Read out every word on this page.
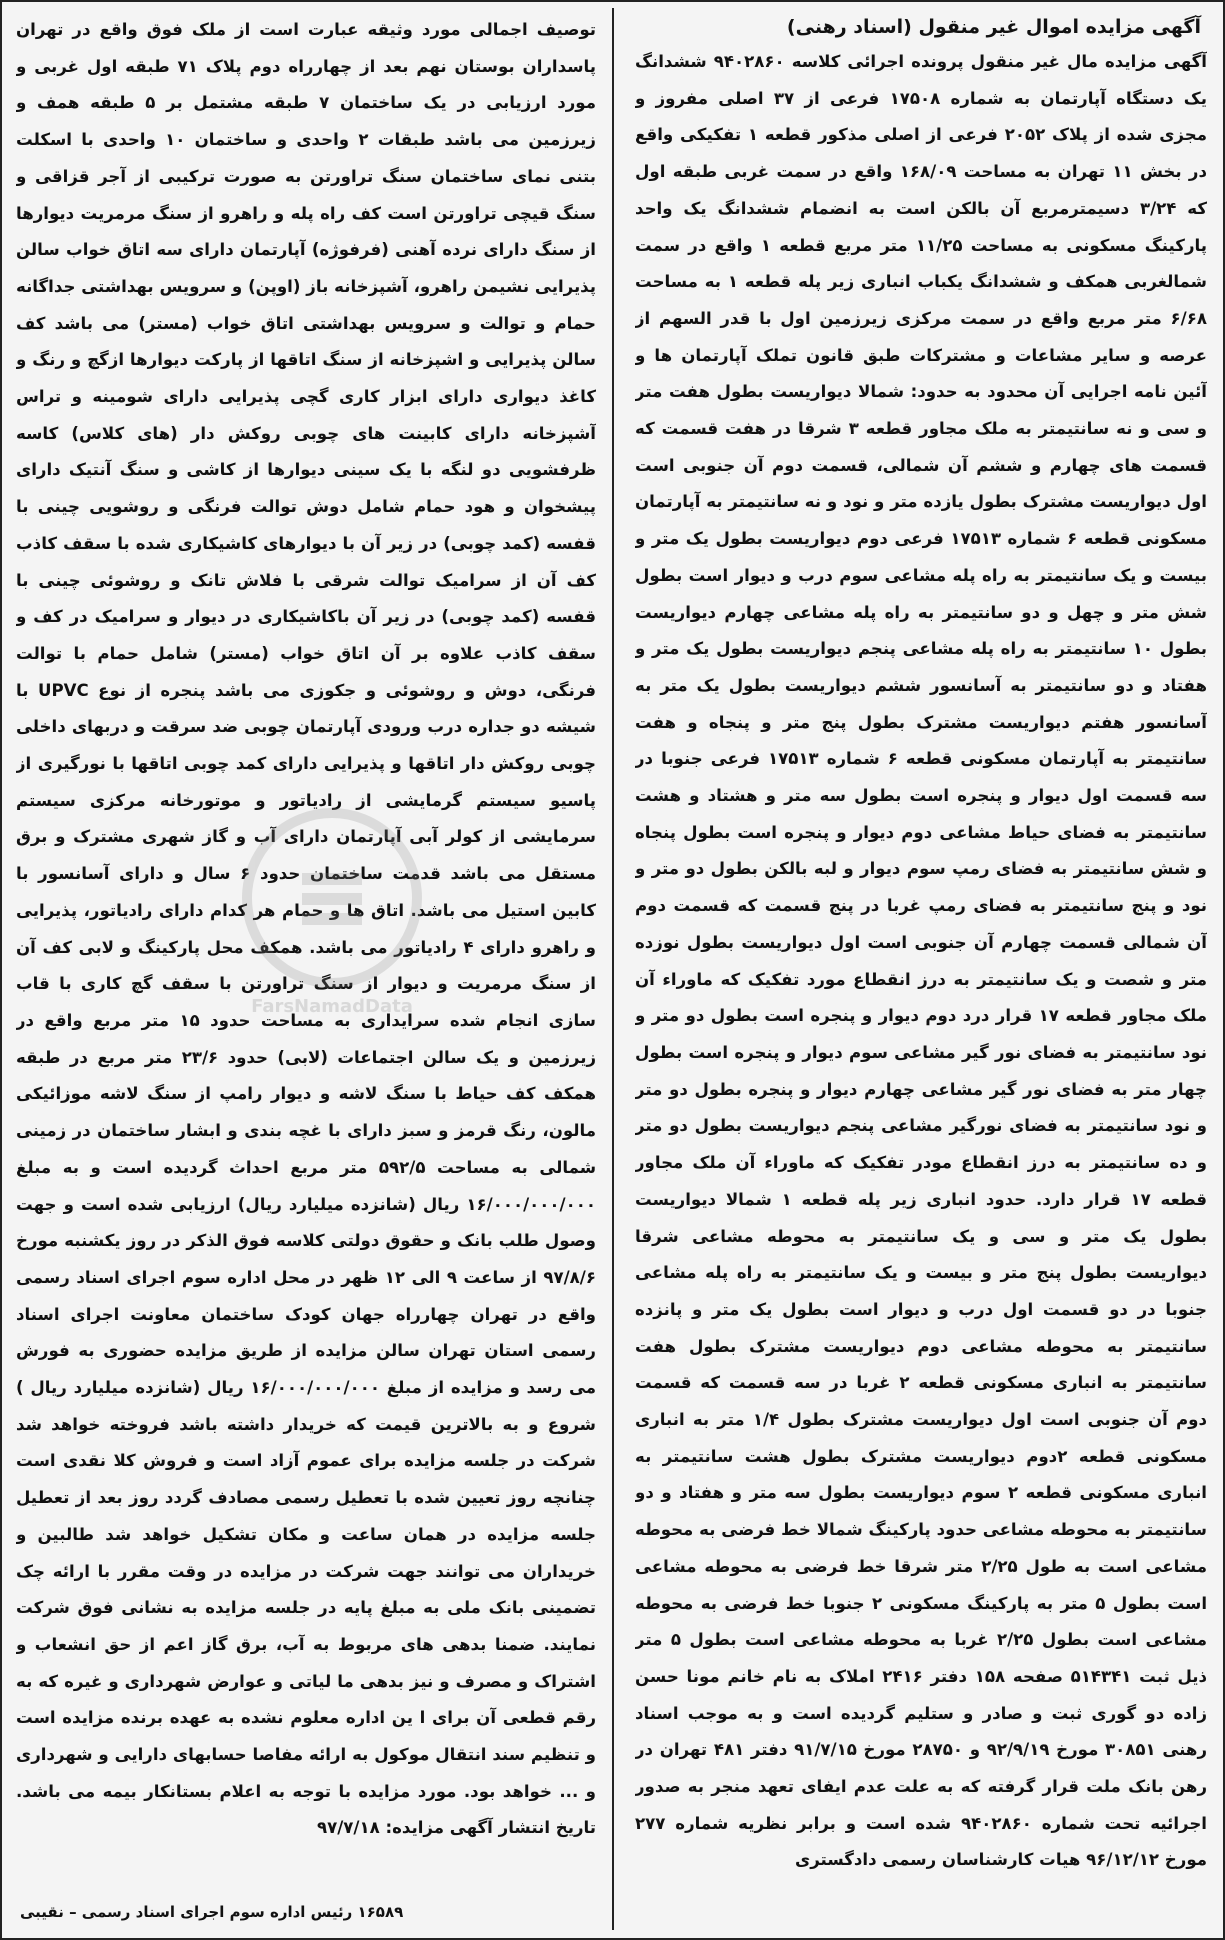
آگهی مزایده اموال غیر منقول (اسناد رهنی)

آگهی مزایده مال غیر منقول پرونده اجرائی کلاسه ۹۴۰۲۸۶۰ ششدانگ یک دستگاه آپارتمان به شماره ۱۷۵۰۸ فرعی از ۳۷ اصلی مفروز و مجزی شده از پلاک ۲۰۵۲ فرعی از اصلی مذکور قطعه ۱ تفکیکی واقع در بخش ۱۱ تهران به مساحت ۱۶۸/۰۹ واقع در سمت غربی طبقه اول که ۳/۲۴ دسیمترمربع آن بالکن است به انضمام ششدانگ یک واحد پارکینگ مسکونی به مساحت ۱۱/۲۵ متر مربع قطعه ۱ واقع در سمت شمالغربی همکف و ششدانگ یکباب انباری زیر پله قطعه ۱ به مساحت ۶/۶۸ متر مربع واقع در سمت مرکزی زیرزمین اول با قدر السهم از عرصه و سایر مشاعات و مشترکات طبق قانون تملک آپارتمان ها و آئین نامه اجرایی آن محدود به حدود: شمالا دیواریست بطول هفت متر و سی و نه سانتیمتر به ملک مجاور قطعه ۳ شرقا در هفت قسمت که قسمت های چهارم و ششم آن شمالی، قسمت دوم آن جنوبی است اول دیواریست مشترک بطول یازده متر و نود و نه سانتیمتر به آپارتمان مسکونی قطعه ۶ شماره ۱۷۵۱۳ فرعی دوم دیواریست بطول یک متر و بیست و یک سانتیمتر به راه پله مشاعی سوم درب و دیوار است بطول شش متر و چهل و دو سانتیمتر به راه پله مشاعی چهارم دیواریست بطول ۱۰ سانتیمتر به راه پله مشاعی پنجم دیواریست بطول یک متر و هفتاد و دو سانتیمتر به آسانسور ششم دیواریست بطول یک متر به آسانسور هفتم دیواریست مشترک بطول پنج متر و پنجاه و هفت سانتیمتر به آپارتمان مسکونی قطعه ۶ شماره ۱۷۵۱۳ فرعی جنوبا در سه قسمت اول دیوار و پنجره است بطول سه متر و هشتاد و هشت سانتیمتر به فضای حیاط مشاعی دوم دیوار و پنجره است بطول پنجاه و شش سانتیمتر به فضای رمپ سوم دیوار و لبه بالکن بطول دو متر و نود و پنج سانتیمتر به فضای رمپ غربا در پنج قسمت که قسمت دوم آن شمالی قسمت چهارم آن جنوبی است اول دیواریست بطول نوزده متر و شصت و یک سانتیمتر به درز انقطاع مورد تفکیک که ماوراء آن ملک مجاور قطعه ۱۷ قرار درد دوم دیوار و پنجره است بطول دو متر و نود سانتیمتر به فضای نور گیر مشاعی سوم دیوار و پنجره است بطول چهار متر به فضای نور گیر مشاعی چهارم دیوار و پنجره بطول دو متر و نود سانتیمتر به فضای نورگیر مشاعی پنجم دیواریست بطول دو متر و ده سانتیمتر به درز انقطاع مودر تفکیک که ماوراء آن ملک مجاور قطعه ۱۷ قرار دارد. حدود انباری زیر پله قطعه ۱ شمالا دیواریست بطول یک متر و سی و یک سانتیمتر به محوطه مشاعی شرقا دیواریست بطول پنج متر و بیست و یک سانتیمتر به راه پله مشاعی جنوبا در دو قسمت اول درب و دیوار است بطول یک متر و پانزده سانتیمتر به محوطه مشاعی دوم دیواریست مشترک بطول هفت سانتیمتر به انباری مسکونی قطعه ۲ غربا در سه قسمت که قسمت دوم آن جنوبی است اول دیواریست مشترک بطول ۱/۴ متر به انباری مسکونی قطعه ۲دوم دیواریست مشترک بطول هشت سانتیمتر به انباری مسکونی قطعه ۲ سوم دیواریست بطول سه متر و هفتاد و دو سانتیمتر به محوطه مشاعی حدود پارکینگ شمالا خط فرضی به محوطه مشاعی است به طول ۲/۲۵ متر شرقا خط فرضی به محوطه مشاعی است بطول ۵ متر به پارکینگ مسکونی ۲ جنوبا خط فرضی به محوطه مشاعی است بطول ۲/۲۵ غربا به محوطه مشاعی است بطول ۵ متر ذیل ثبت ۵۱۴۳۴۱ صفحه ۱۵۸ دفتر ۲۴۱۶ املاک به نام خانم مونا حسن زاده دو گوری ثبت و صادر و ستلیم گردیده است و به موجب اسناد رهنی ۳۰۸۵۱ مورخ ۹۲/۹/۱۹ و ۲۸۷۵۰ مورخ ۹۱/۷/۱۵ دفتر ۴۸۱ تهران در رهن بانک ملت قرار گرفته که به علت عدم ایفای تعهد منجر به صدور اجرائیه تحت شماره ۹۴۰۲۸۶۰ شده است و برابر نظریه شماره ۲۷۷ مورخ ۹۶/۱۲/۱۲ هیات کارشناسان رسمی دادگستری

توصیف اجمالی مورد وثیقه عبارت است از ملک فوق واقع در تهران پاسداران بوستان نهم بعد از چهارراه دوم پلاک ۷۱ طبقه اول غربی و مورد ارزیابی در یک ساختمان ۷ طبقه مشتمل بر ۵ طبقه همف و زیرزمین می باشد طبقات ۲ واحدی و ساختمان ۱۰ واحدی با اسکلت بتنی نمای ساختمان سنگ تراورتن به صورت ترکیبی از آجر قزاقی و سنگ قیچی تراورتن است کف راه پله و راهرو از سنگ مرمریت دیوارها از سنگ دارای نرده آهنی (فرفوژه) آپارتمان دارای سه اتاق خواب سالن پذیرایی نشیمن راهرو، آشپزخانه باز (اوپن) و سرویس بهداشتی جداگانه حمام و توالت و سرویس بهداشتی اتاق خواب (مستر) می باشد کف سالن پذیرایی و اشپزخانه از سنگ اتاقها از پارکت دیوارها ازگچ و رنگ و کاغذ دیواری دارای ابزار کاری گچی پذیرایی دارای شومینه و تراس آشپزخانه دارای کابینت های چوبی روکش دار (های کلاس) کاسه ظرفشویی دو لنگه با یک سینی دیوارها از کاشی و سنگ آنتیک دارای پیشخوان و هود حمام شامل دوش توالت فرنگی و روشویی چینی با قفسه (کمد چوبی) در زیر آن با دیوارهای کاشیکاری شده با سقف کاذب کف آن از سرامیک توالت شرقی با فلاش تانک و روشوئی چینی با قفسه (کمد چوبی) در زیر آن باکاشیکاری در دیوار و سرامیک در کف و سقف کاذب علاوه بر آن اتاق خواب (مستر) شامل حمام با توالت فرنگی، دوش و روشوئی و جکوزی می باشد پنجره از نوع UPVC با شیشه دو جداره درب ورودی آپارتمان چوبی ضد سرقت و دربهای داخلی چوبی روکش دار اتاقها و پذیرایی دارای کمد چوبی اتاقها با نورگیری از پاسیو سیستم گرمایشی از رادیاتور و موتورخانه مرکزی سیستم سرمایشی از کولر آبی آپارتمان دارای آب و گاز شهری مشترک و برق مستقل می باشد قدمت ساختمان حدود ۶ سال و دارای آسانسور با کابین استیل می باشد. اتاق ها و حمام هر کدام دارای رادیاتور، پذیرایی و راهرو دارای ۴ رادیاتور می باشد. همکف محل پارکینگ و لابی کف آن از سنگ مرمریت و دیوار از سنگ تراورتن با سقف گچ کاری با قاب سازی انجام شده سرایداری به مساحت حدود ۱۵ متر مربع واقع در زیرزمین و یک سالن اجتماعات (لابی) حدود ۲۳/۶ متر مربع در طبقه همکف کف حیاط با سنگ لاشه و دیوار رامپ از سنگ لاشه موزائیکی مالون، رنگ قرمز و سبز دارای با غچه بندی و ابشار ساختمان در زمینی شمالی به مساحت ۵۹۲/۵ متر مربع احداث گردیده است و به مبلغ ۱۶/۰۰۰/۰۰۰/۰۰۰ ریال (شانزده میلیارد ریال) ارزیابی شده است و جهت وصول طلب بانک و حقوق دولتی کلاسه فوق الذکر در روز یکشنبه مورخ ۹۷/۸/۶ از ساعت ۹ الی ۱۲ ظهر در محل اداره سوم اجرای اسناد رسمی واقع در تهران چهارراه جهان کودک ساختمان معاونت اجرای اسناد رسمی استان تهران سالن مزایده از طریق مزایده حضوری به فورش می رسد و مزایده از مبلغ ۱۶/۰۰۰/۰۰۰/۰۰۰ ریال (شانزده میلیارد ریال ) شروع و به بالاترین قیمت که خریدار داشته باشد فروخته خواهد شد شرکت در جلسه مزایده برای عموم آزاد است و فروش کلا نقدی است چنانچه روز تعیین شده با تعطیل رسمی مصادف گردد روز بعد از تعطیل جلسه مزایده در همان ساعت و مکان تشکیل خواهد شد طالبین و خریداران می توانند جهت شرکت در مزایده در وقت مقرر با ارائه چک تضمینی بانک ملی به مبلغ پایه در جلسه مزایده به نشانی فوق شرکت نمایند. ضمنا بدهی های مربوط به آب، برق گاز اعم از حق انشعاب و اشتراک و مصرف و نیز بدهی ما لیاتی و عوارض شهرداری و غیره که به رقم قطعی آن برای ا ین اداره معلوم نشده به عهده برنده مزایده است و تنظیم سند انتقال موکول به ارائه مفاصا حسابهای دارایی و شهرداری و ... خواهد بود. مورد مزایده با توجه به اعلام بستانکار بیمه می باشد. تاریخ انتشار آگهی مزایده: ۹۷/۷/۱۸

۱۶۵۸۹ رئیس اداره سوم اجرای اسناد رسمی – نقیبی
FarsNamadData
